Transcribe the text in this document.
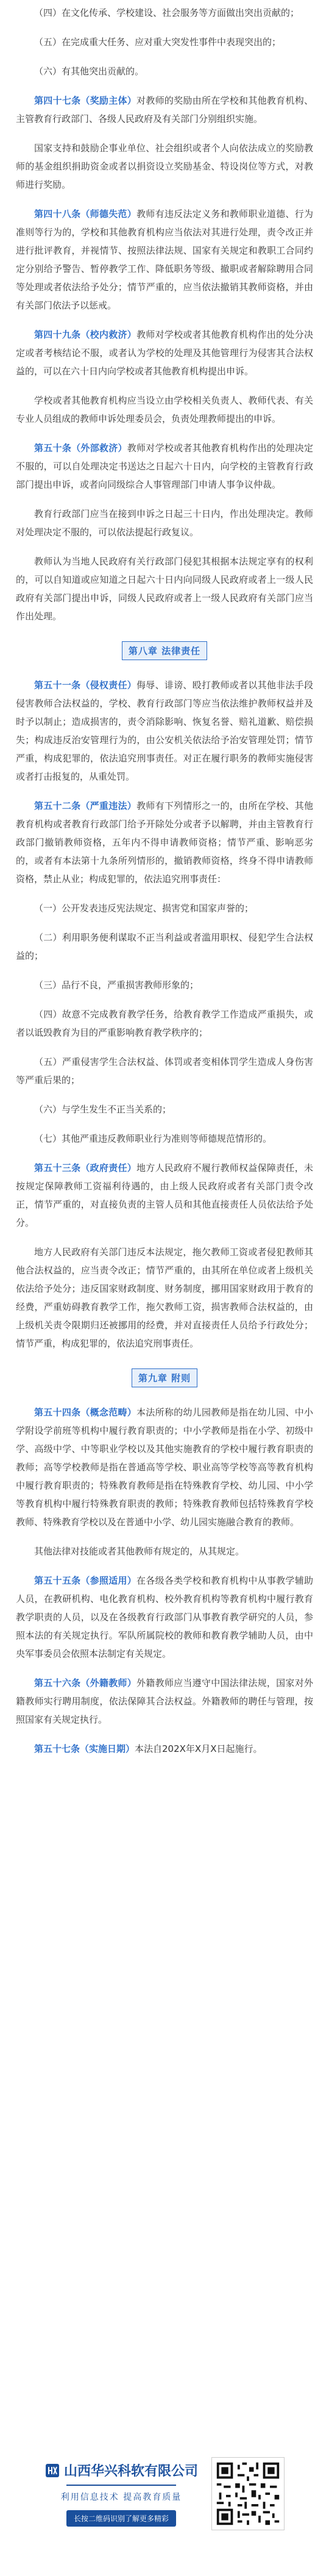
（四）在文化传承、学校建设、社会服务等方面做出突出贡献的；

（五）在完成重大任务、应对重大突发性事件中表现突出的；

（六）有其他突出贡献的。

第四十七条（奖励主体）对教师的奖励由所在学校和其他教育机构、主管教育行政部门、各级人民政府及有关部门分别组织实施。

国家支持和鼓励企事业单位、社会组织或者个人向依法成立的奖励教师的基金组织捐助资金或者以捐资设立奖励基金、特设岗位等方式，对教师进行奖励。

第四十八条（师德失范）教师有违反法定义务和教师职业道德、行为准则等行为的，学校和其他教育机构应当依法对其进行处理，责令改正并进行批评教育，并视情节、按照法律法规、国家有关规定和教职工合同约定分别给予警告、暂停教学工作、降低职务等级、撤职或者解除聘用合同等处理或者依法给予处分；情节严重的，应当依法撤销其教师资格，并由有关部门依法予以惩戒。

第四十九条（校内救济）教师对学校或者其他教育机构作出的处分决定或者考核结论不服，或者认为学校的处理及其他管理行为侵害其合法权益的，可以在六十日内向学校或者其他教育机构提出申诉。

学校或者其他教育机构应当设立由学校相关负责人、教师代表、有关专业人员组成的教师申诉处理委员会，负责处理教师提出的申诉。

第五十条（外部救济）教师对学校或者其他教育机构作出的处理决定不服的，可以自处理决定书送达之日起六十日内，向学校的主管教育行政部门提出申诉，或者向同级综合人事管理部门申请人事争议仲裁。

教育行政部门应当在接到申诉之日起三十日内，作出处理决定。教师对处理决定不服的，可以依法提起行政复议。

教师认为当地人民政府有关行政部门侵犯其根据本法规定享有的权利的，可以自知道或应知道之日起六十日内向同级人民政府或者上一级人民政府有关部门提出申诉，同级人民政府或者上一级人民政府有关部门应当作出处理。

第八章 法律责任

第五十一条（侵权责任）侮辱、诽谤、殴打教师或者以其他非法手段侵害教师合法权益的，学校、教育行政部门等应当依法维护教师权益并及时予以制止；造成损害的，责令消除影响、恢复名誉、赔礼道歉、赔偿损失；构成违反治安管理行为的，由公安机关依法给予治安管理处罚；情节严重，构成犯罪的，依法追究刑事责任。对正在履行职务的教师实施侵害或者打击报复的，从重处罚。

第五十二条（严重违法）教师有下列情形之一的，由所在学校、其他教育机构或者教育行政部门给予开除处分或者予以解聘，并由主管教育行政部门撤销教师资格，五年内不得申请教师资格；情节严重、影响恶劣的，或者有本法第十九条所列情形的，撤销教师资格，终身不得申请教师资格，禁止从业；构成犯罪的，依法追究刑事责任：

（一）公开发表违反宪法规定、损害党和国家声誉的；

（二）利用职务便利谋取不正当利益或者滥用职权、侵犯学生合法权益的；

（三）品行不良，严重损害教师形象的；

（四）故意不完成教育教学任务，给教育教学工作造成严重损失，或者以诋毁教育为目的严重影响教育教学秩序的；

（五）严重侵害学生合法权益、体罚或者变相体罚学生造成人身伤害等严重后果的；

（六）与学生发生不正当关系的；

（七）其他严重违反教师职业行为准则等师德规范情形的。

第五十三条（政府责任）地方人民政府不履行教师权益保障责任，未按规定保障教师工资福利待遇的，由上级人民政府或者有关部门责令改正，情节严重的，对直接负责的主管人员和其他直接责任人员依法给予处分。

地方人民政府有关部门违反本法规定，拖欠教师工资或者侵犯教师其他合法权益的，应当责令改正；情节严重的，由其所在单位或者上级机关依法给予处分；违反国家财政制度、财务制度，挪用国家财政用于教育的经费，严重妨碍教育教学工作，拖欠教师工资，损害教师合法权益的，由上级机关责令限期归还被挪用的经费，并对直接责任人员给予行政处分；情节严重，构成犯罪的，依法追究刑事责任。

第九章 附则

第五十四条（概念范畴）本法所称的幼儿园教师是指在幼儿园、中小学附设学前班等机构中履行教育职责的；中小学教师是指在小学、初级中学、高级中学、中等职业学校以及其他实施教育的学校中履行教育职责的教师；高等学校教师是指在普通高等学校、职业高等学校等高等教育机构中履行教育职责的；特殊教育教师是指在特殊教育学校、幼儿园、中小学等教育机构中履行特殊教育职责的教师；特殊教育教师包括特殊教育学校教师、特殊教育学校以及在普通中小学、幼儿园实施融合教育的教师。

其他法律对技能或者其他教师有规定的，从其规定。

第五十五条（参照适用）在各级各类学校和教育机构中从事教学辅助人员，在教研机构、电化教育机构、校外教育机构等教育机构中履行教育教学职责的人员，以及在各级教育行政部门从事教育教学研究的人员，参照本法的有关规定执行。军队所属院校的教师和教育教学辅助人员，由中央军事委员会依照本法制定有关规定。

第五十六条（外籍教师）外籍教师应当遵守中国法律法规，国家对外籍教师实行聘用制度，依法保障其合法权益。外籍教师的聘任与管理，按照国家有关规定执行。

第五十七条（实施日期）本法自202X年X月X日起施行。

山西华兴科软有限公司
利用信息技术 提高教育质量
长按二维码识别了解更多精彩
